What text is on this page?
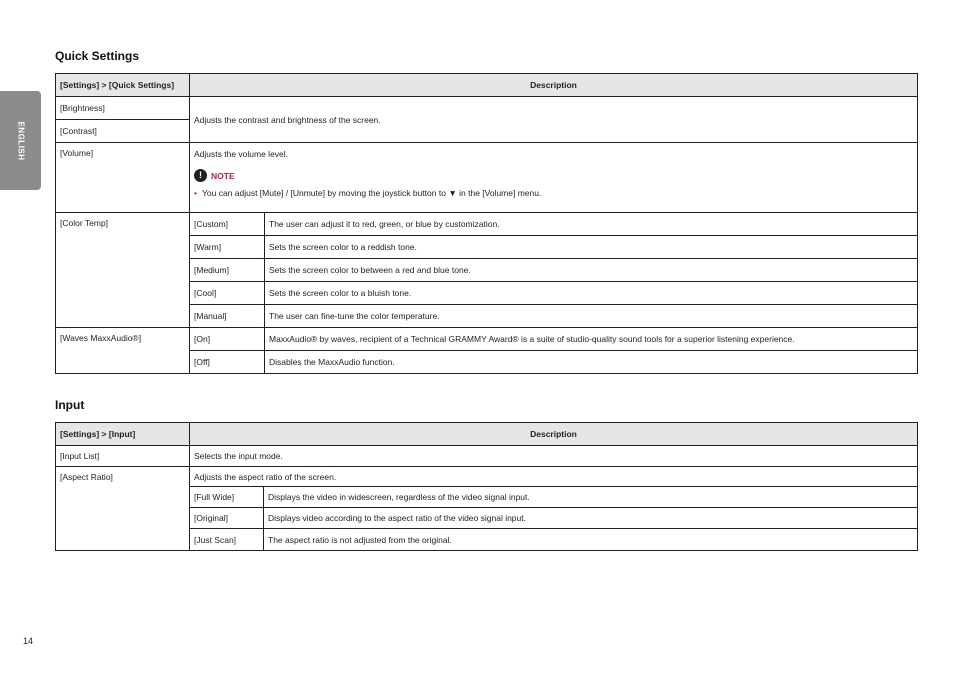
ENGLISH
Quick Settings
[Settings] > [Quick Settings]	Description	
[Brightness]	Adjusts the contrast and brightness of the screen.	
[Contrast]		
[Volume]	Adjusts the volume level.
! NOTE
• You can adjust [Mute] / [Unmute] by moving the joystick button to ▼ in the [Volume] menu.	

[Color Temp]	[Custom]	The user can adjust it to red, green, or blue by customization.
	[Warm]	Sets the screen color to a reddish tone.
	[Medium]	Sets the screen color to between a red and blue tone.
	[Cool]	Sets the screen color to a bluish tone.
	[Manual]	The user can fine-tune the color temperature.
[Waves MaxxAudio®]	[On]	MaxxAudio® by waves, recipient of a Technical GRAMMY Award® is a suite of studio-quality sound tools for a superior listening experience.
	[Off]	Disables the MaxxAudio function.
Input
[Settings] > [Input]	Description	
[Input List]	Selects the input mode.	
[Aspect Ratio]	Adjusts the aspect ratio of the screen.	
	[Full Wide]	Displays the video in widescreen, regardless of the video signal input.
	[Original]	Displays video according to the aspect ratio of the video signal input.
	[Just Scan]	The aspect ratio is not adjusted from the original.
14
